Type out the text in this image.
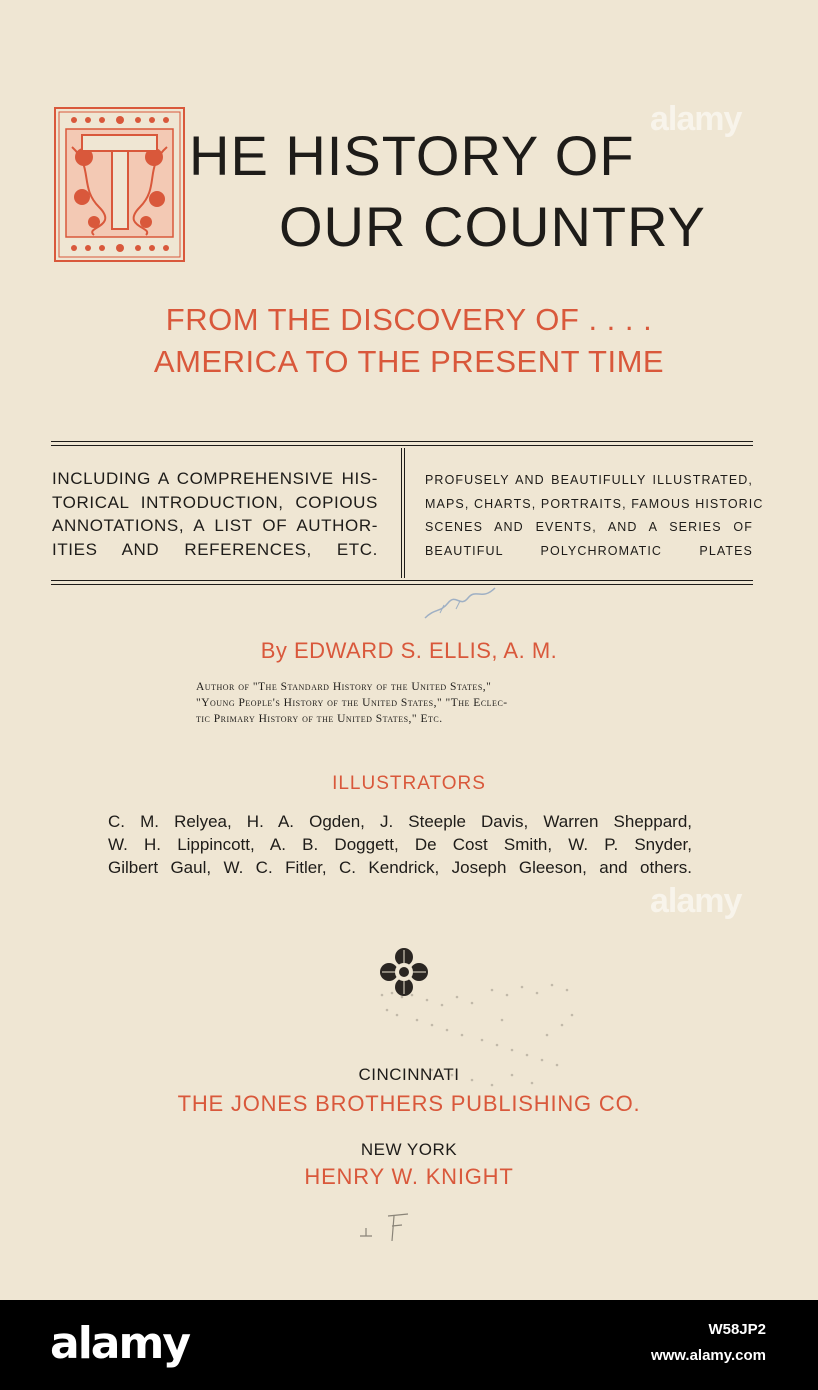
HE HISTORY OF
OUR COUNTRY
FROM THE DISCOVERY OF . . . .
AMERICA TO THE PRESENT TIME
INCLUDING A COMPREHENSIVE HIS-
TORICAL INTRODUCTION, COPIOUS
ANNOTATIONS, A LIST OF AUTHOR-
ITIES AND REFERENCES, ETC.
PROFUSELY AND BEAUTIFULLY ILLUSTRATED,
MAPS, CHARTS, PORTRAITS, FAMOUS HISTORIC
SCENES AND EVENTS, AND A SERIES OF
BEAUTIFUL POLYCHROMATIC PLATES
By EDWARD S. ELLIS, A. M.
Author of "The Standard History of the United States,"
"Young People's History of the United States," "The Eclec-
tic Primary History of the United States," Etc.
ILLUSTRATORS
C. M. Relyea, H. A. Ogden, J. Steeple Davis, Warren Sheppard,
W. H. Lippincott, A. B. Doggett, De Cost Smith, W. P. Snyder,
Gilbert Gaul, W. C. Fitler, C. Kendrick, Joseph Gleeson, and others.
CINCINNATI
THE JONES BROTHERS PUBLISHING CO.
NEW YORK
HENRY W. KNIGHT
alamy
alamy
alamy	W58JP2
www.alamy.com
